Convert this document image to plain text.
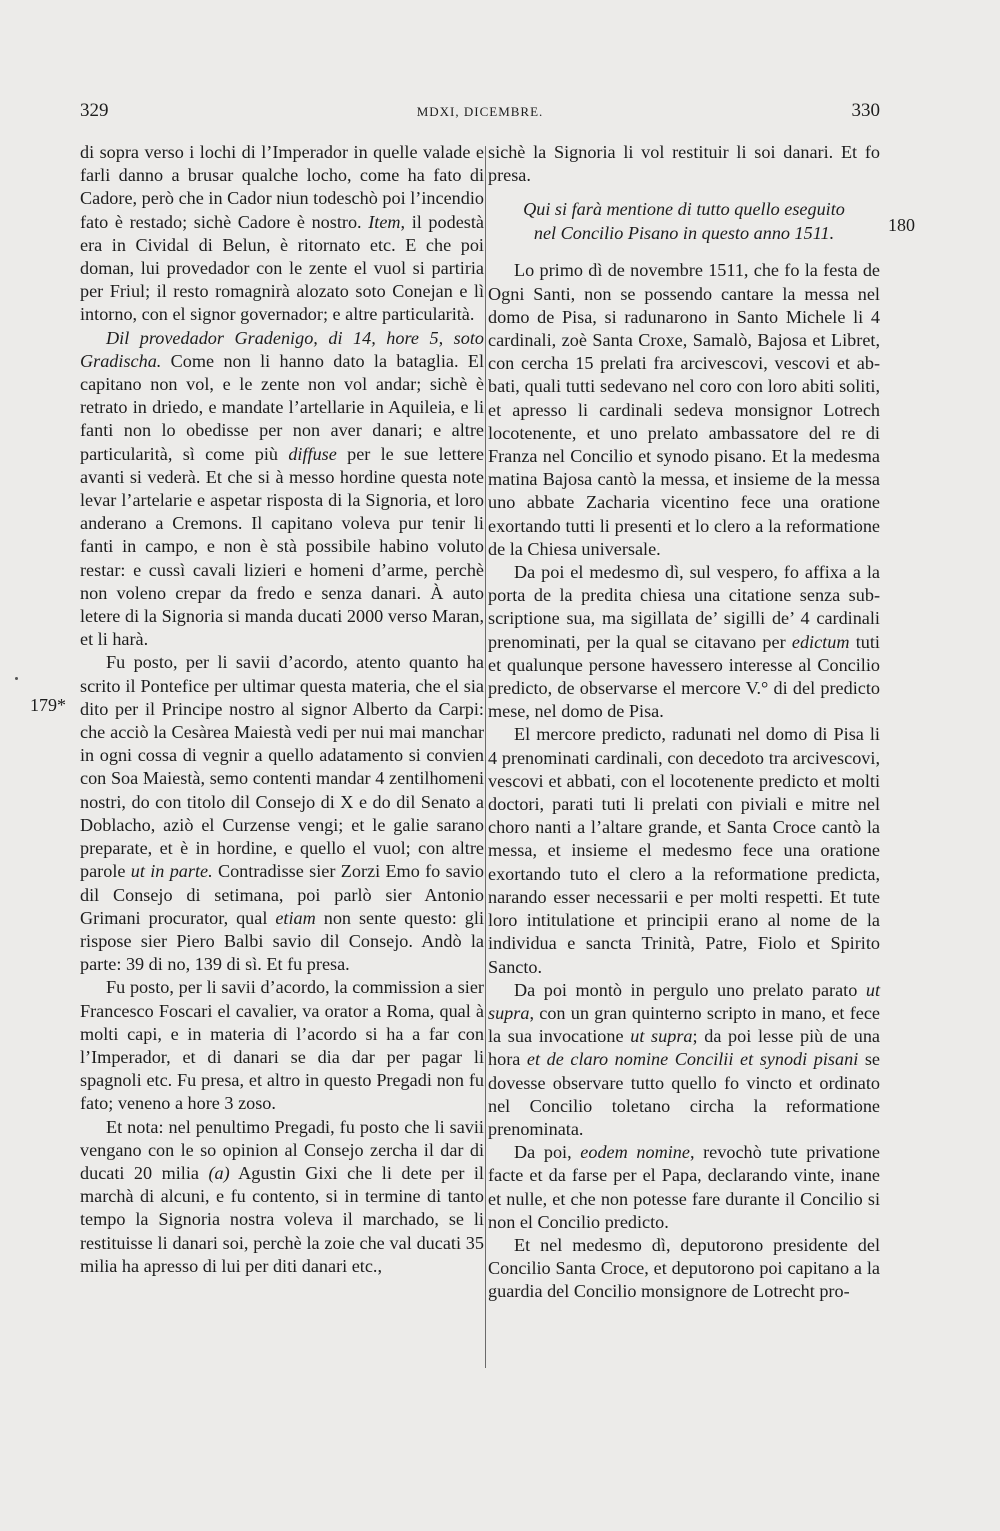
329	MDXI, DICEMBRE.	330
179*
180

di sopra verso i lochi di l’Imperador in quelle valade e farli danno a brusar qualche locho, come ha fato di Cadore, però che in Cador niun todeschò poi l’incendio fato è restado; sichè Cadore è nostro. Item, il podestà era in Cividal di Belun, è ritornato etc. E che poi doman, lui provedador con le zente el vuol si partiria per Friul; il resto romagnirà alozato soto Conejan e lì intorno, con el signor governador; e altre particularità.

Dil provedador Gradenigo, di 14, hore 5, soto Gradischa. Come non li hanno dato la bataglia. El capitano non vol, e le zente non vol andar; sichè è retrato in driedo, e mandate l’artellarie in Aquileia, e li fanti non lo obedisse per non aver danari; e altre particularità, sì come più diffuse per le sue lettere avanti si vederà. Et che si à messo hordine questa note levar l’artelarie e aspetar risposta di la Signoria, et loro anderano a Cremons. Il capitano voleva pur tenir li fanti in campo, e non è stà possibile habino voluto restar: e cussì cavali lizieri e homeni d’arme, perchè non voleno crepar da fredo e senza danari. À auto letere di la Signoria si manda ducati 2000 verso Maran, et li harà.

Fu posto, per li savii d’acordo, atento quanto ha scrito il Pontefice per ultimar questa materia, che el sia dito per il Principe nostro al signor Alberto da Carpi: che acciò la Cesàrea Maiestà vedi per nui mai manchar in ogni cossa di vegnir a quello adatamento si convien con Soa Maiestà, semo contenti mandar 4 zentilhomeni nostri, do con titolo dil Consejo di X e do dil Senato a Doblacho, aziò el Curzense vengi; et le galie sarano preparate, et è in hordine, e quello el vuol; con altre parole ut in parte. Contradisse sier Zorzi Emo fo savio dil Consejo di setimana, poi parlò sier Antonio Grimani procurator, qual etiam non sente questo: gli rispose sier Piero Balbi savio dil Consejo. Andò la parte: 39 di no, 139 di sì. Et fu presa.

Fu posto, per li savii d’acordo, la commission a sier Francesco Foscari el cavalier, va orator a Roma, qual à molti capi, e in materia di l’acordo si ha a far con l’Imperador, et di danari se dia dar per pagar li spagnoli etc. Fu presa, et altro in questo Pregadi non fu fato; veneno a hore 3 zoso.

Et nota: nel penultimo Pregadi, fu posto che li savii vengano con le so opinion al Consejo zercha il dar di ducati 20 milia (a) Agustin Gixi che li dete per il marchà di alcuni, e fu contento, si in termine di tanto tempo la Signoria nostra voleva il marchado, se li restituisse li danari soi, perchè la zoie che val ducati 35 milia ha apresso di lui per diti danari etc.,

sichè la Signoria li vol restituir li soi danari. Et fo presa.

Qui si farà mentione di tutto quello eseguito
nel Concilio Pisano in questo anno 1511.

Lo primo dì de novembre 1511, che fo la festa de Ogni Santi, non se possendo cantare la messa nel domo de Pisa, si radunarono in Santo Michele li 4 cardinali, zoè Santa Croxe, Samalò, Bajosa et Libret, con cercha 15 prelati fra arcivescovi, vescovi et abbati, quali tutti sedevano nel coro con loro abiti soliti, et apresso li cardinali sedeva monsignor Lotrech locotenente, et uno prelato ambassatore del re di Franza nel Concilio et synodo pisano. Et la medesma matina Bajosa cantò la messa, et insieme de la messa uno abbate Zacharia vicentino fece una oratione exortando tutti li presenti et lo clero a la reformatione de la Chiesa universale.

Da poi el medesmo dì, sul vespero, fo affixa a la porta de la predita chiesa una citatione senza subscriptione sua, ma sigillata de’ sigilli de’ 4 cardinali prenominati, per la qual se citavano per edictum tuti et qualunque persone havessero interesse al Concilio predicto, de observarse el mercore V.° di del predicto mese, nel domo de Pisa.

El mercore predicto, radunati nel domo di Pisa li 4 prenominati cardinali, con decedoto tra arcivescovi, vescovi et abbati, con el locotenente predicto et molti doctori, parati tuti li prelati con piviali e mitre nel choro nanti a l’altare grande, et Santa Croce cantò la messa, et insieme el medesmo fece una oratione exortando tuto el clero a la reformatione predicta, narando esser necessarii e per molti respetti. Et tute loro intitulatione et principii erano al nome de la individua e sancta Trinità, Patre, Fiolo et Spirito Sancto.

Da poi montò in pergulo uno prelato parato ut supra, con un gran quinterno scripto in mano, et fece la sua invocatione ut supra; da poi lesse più de una hora et de claro nomine Concilii et synodi pisani se dovesse observare tutto quello fo vincto et ordinato nel Concilio toletano circha la reformatione prenominata.

Da poi, eodem nomine, revochò tute privatione facte et da farse per el Papa, declarando vinte, inane et nulle, et che non potesse fare durante il Concilio si non el Concilio predicto.

Et nel medesmo dì, deputorono presidente del Concilio Santa Croce, et deputorono poi capitano a la guardia del Concilio monsignore de Lotrecht pro-
